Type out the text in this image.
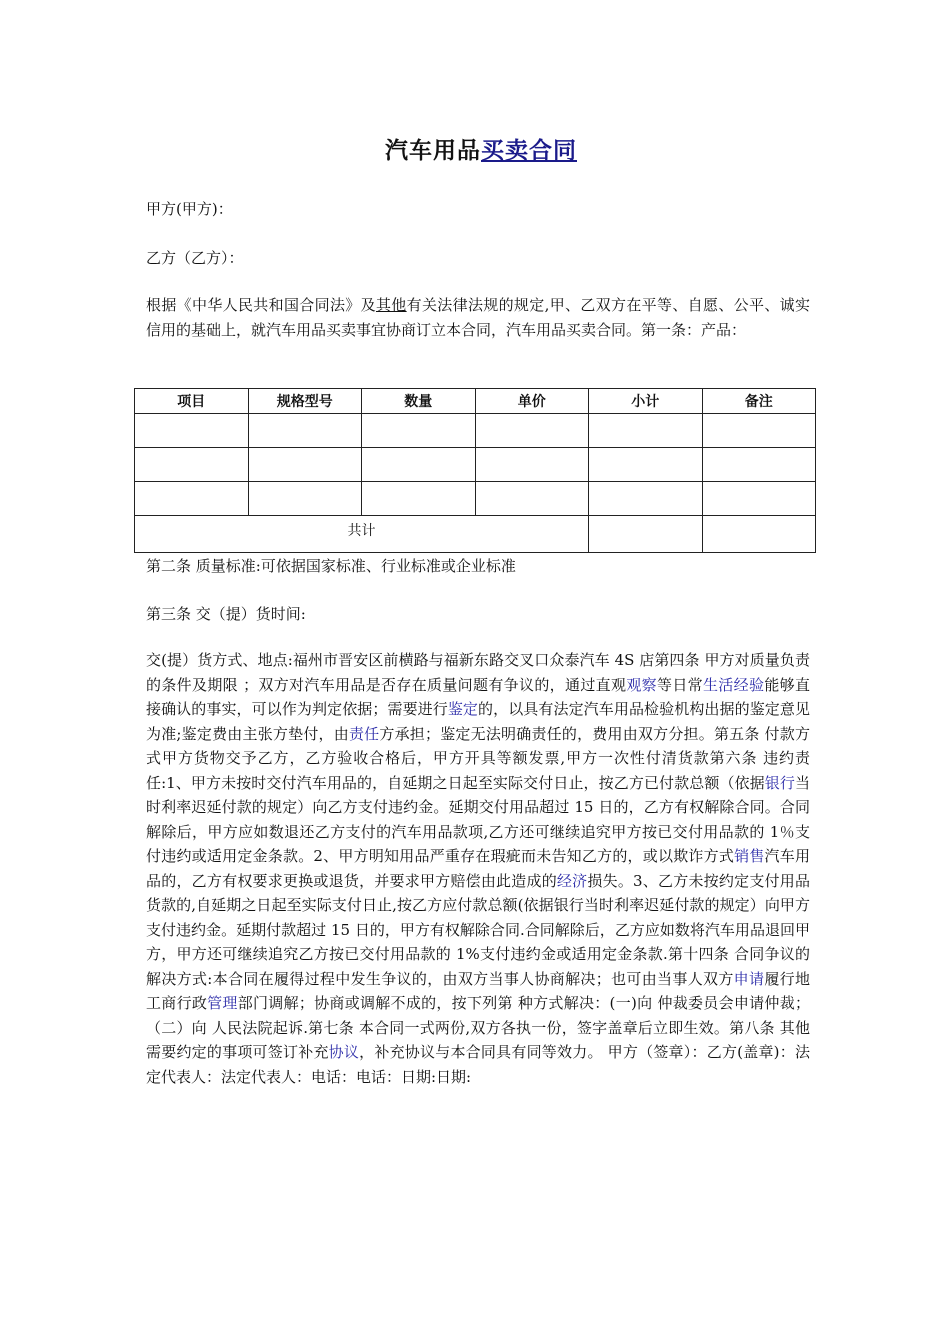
汽车用品买卖合同
甲方(甲方)：
乙方（乙方）：
根据《中华人民共和国合同法》及其他有关法律法规的规定,甲、乙双方在平等、自愿、公平、诚实信用的基础上，就汽车用品买卖事宜协商订立本合同，汽车用品买卖合同。第一条：产品：
项目	规格型号	数量	单价	小计	备注

共计					
第二条 质量标准:可依据国家标准、行业标准或企业标准
第三条 交（提）货时间:
交(提）货方式、地点:福州市晋安区前横路与福新东路交叉口众泰汽车 4S 店第四条 甲方对质量负责的条件及期限 ；双方对汽车用品是否存在质量问题有争议的，通过直观观察等日常生活经验能够直接确认的事实，可以作为判定依据；需要进行鉴定的，以具有法定汽车用品检验机构出据的鉴定意见为准;鉴定费由主张方垫付，由责任方承担；鉴定无法明确责任的，费用由双方分担。第五条 付款方式甲方货物交予乙方，乙方验收合格后，甲方开具等额发票,甲方一次性付清货款第六条 违约责任:1、甲方未按时交付汽车用品的，自延期之日起至实际交付日止，按乙方已付款总额（依据银行当时利率迟延付款的规定）向乙方支付违约金。延期交付用品超过 15 日的，乙方有权解除合同。合同解除后，甲方应如数退还乙方支付的汽车用品款项,乙方还可继续追究甲方按已交付用品款的 1％支付违约或适用定金条款。2、甲方明知用品严重存在瑕疵而未告知乙方的，或以欺诈方式销售汽车用品的，乙方有权要求更换或退货，并要求甲方赔偿由此造成的经济损失。3、乙方未按约定支付用品货款的,自延期之日起至实际支付日止,按乙方应付款总额(依据银行当时利率迟延付款的规定）向甲方支付违约金。延期付款超过 15 日的，甲方有权解除合同.合同解除后，乙方应如数将汽车用品退回甲方，甲方还可继续追究乙方按已交付用品款的 1%支付违约金或适用定金条款.第十四条 合同争议的解决方式:本合同在履得过程中发生争议的，由双方当事人协商解决；也可由当事人双方申请履行地工商行政管理部门调解；协商或调解不成的，按下列第 种方式解决：(一)向 仲裁委员会申请仲裁；（二）向 人民法院起诉.第七条 本合同一式两份,双方各执一份，签字盖章后立即生效。第八条 其他需要约定的事项可签订补充协议，补充协议与本合同具有同等效力。 甲方（签章）：乙方(盖章)：法定代表人：法定代表人：电话：电话：日期:日期:
